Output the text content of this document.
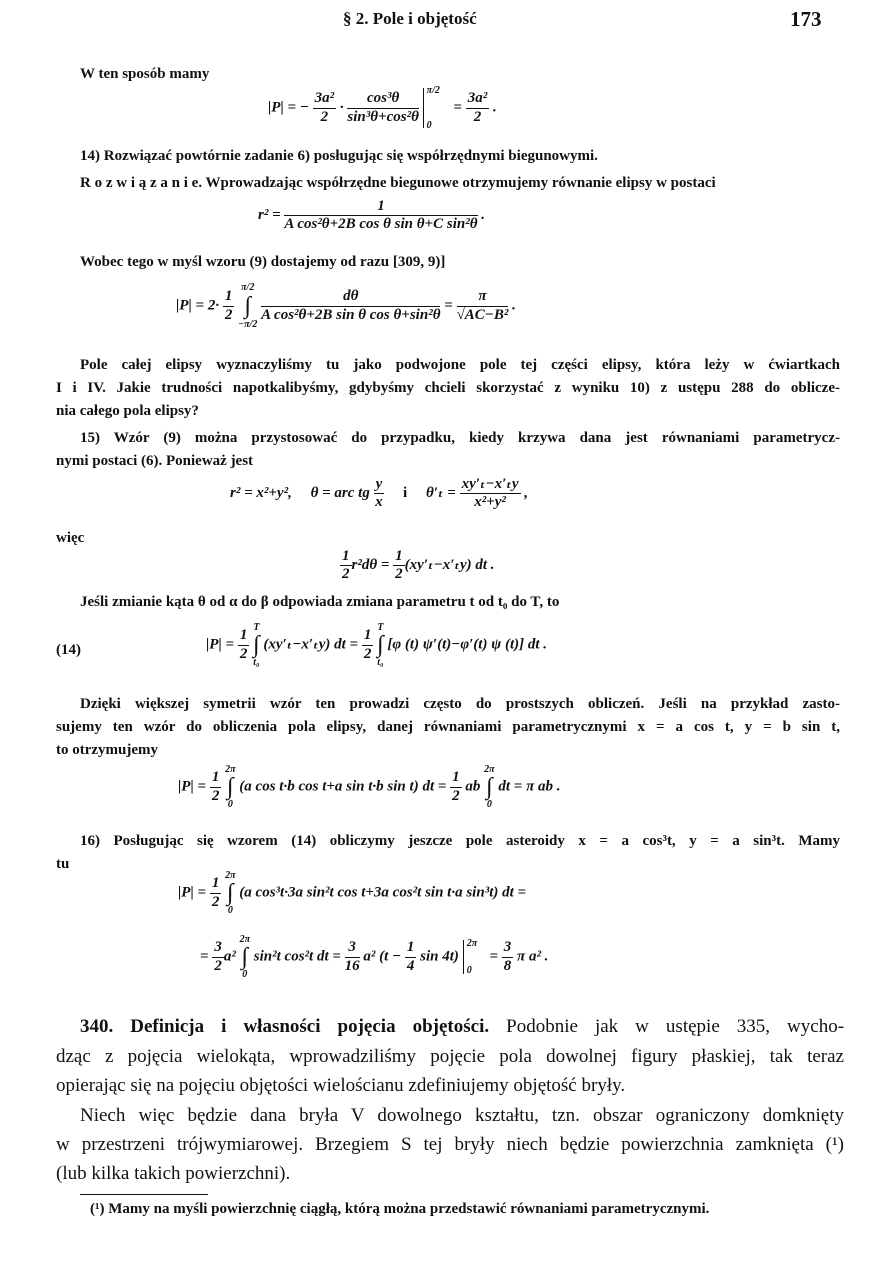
§ 2. Pole i objętość	173
W ten sposób mamy
|P| = − $\frac{\text{3a²}}{2} \cdot \frac{\text{cos³θ}}{\text{sin³θ+cos²θ}}$
π/2
0
= $\frac{\text{3a²}}{2}$ .
14) Rozwiązać powtórnie zadanie 6) posługując się współrzędnymi biegunowymi.
R o z w i ą z a n i e. Wprowadzając współrzędne biegunowe otrzymujemy równanie elipsy w postaci
$r^2 = \frac{1}{\text{A cos²θ+2B cos θ sin θ+C sin²θ}}$ .
Wobec tego w myśl wzoru (9) dostajemy od razu [309, 9)]
$|P| = 2\cdot \frac{1}{2}$

π/2
∫
−π/2

$\frac{d\theta}{\text{A cos²θ+2B sin θ cos θ+sin²θ}} = \frac{\pi}{\text{√AC−B²}}$ .
Pole całej elipsy wyznaczyliśmy tu jako podwojone pole tej części elipsy, która leży w ćwiartkach
I i IV. Jakie trudności napotkalibyśmy, gdybyśmy chcieli skorzystać z wyniku 10) z ustępu 288 do oblicze-
nia całego pola elipsy?
15) Wzór (9) można przystosować do przypadku, kiedy krzywa dana jest równaniami parametrycz-
nymi postaci (6). Ponieważ jest
r² = x²+y², θ = arc tg $\frac{y}{x}$ i $\theta'_t = \frac{\text{xy′ₜ−x′ₜy}}{\text{x²+y²}}$ ,
więc
$\frac{1}{2} r^2d\theta = \frac{1}{2} (xy'_t-x'_ty)$ dt .
Jeśli zmianie kąta θ od α do β odpowiada zmiana parametru t od t₀ do T, to
(14)	$|P| = \frac{1}{2}$
T
∫
t₀
(xy′ₜ−x′ₜy) dt = $\frac{1}{2}$
T
∫
t₀
[φ (t) ψ′(t)−φ′(t) ψ (t)] dt .
Dzięki większej symetrii wzór ten prowadzi często do prostszych obliczeń. Jeśli na przykład zasto-
sujemy ten wzór do obliczenia pola elipsy, danej równaniami parametrycznymi x = a cos t, y = b sin t,
to otrzymujemy
$|P| = \frac{1}{2}$
2π
∫
0
(a cos t·b cos t+a sin t·b sin t) dt = $\frac{1}{2}$ ab
2π
∫
0
dt = π ab .
16) Posługując się wzorem (14) obliczymy jeszcze pole asteroidy x = a cos³t, y = a sin³t. Mamy
tu
$|P| = \frac{1}{2}$
2π
∫
0
(a cos³t·3a sin²t cos t+3a cos²t sin t·a sin³t) dt =
= $\frac{3}{2} a^2$
2π
∫
0
sin²t cos²t dt = $\frac{3}{16} a^2$ ($t - \frac{1}{4}$ sin 4t)
2π
0
= $\frac{3}{8}$ π a² .
340. Definicja i własności pojęcia objętości. Podobnie jak w ustępie 335, wycho-
dząc z pojęcia wielokąta, wprowadziliśmy pojęcie pola dowolnej figury płaskiej, tak teraz
opierając się na pojęciu objętości wielościanu zdefiniujemy objętość bryły.
Niech więc będzie dana bryła V dowolnego kształtu, tzn. obszar ograniczony domknięty
w przestrzeni trójwymiarowej. Brzegiem S tej bryły niech będzie powierzchnia zamknięta (¹)
(lub kilka takich powierzchni).
(¹) Mamy na myśli powierzchnię ciągłą, którą można przedstawić równaniami parametrycznymi.
